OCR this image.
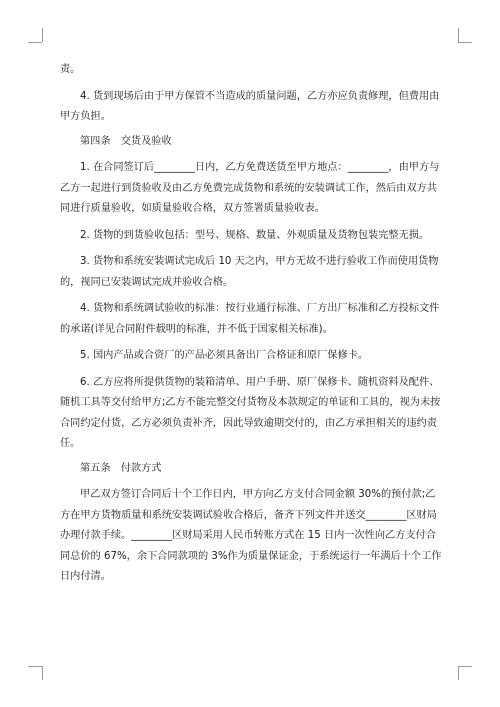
责。

4. 货到现场后由于甲方保管不当造成的质量问题，乙方亦应负责修理，但费用由
甲方负担。

第四条　交货及验收

1. 在合同签订后________日内，乙方免费送货至甲方地点：________，由甲方与
乙方一起进行到货验收及由乙方免费完成货物和系统的安装调试工作，然后由双方共
同进行质量验收，如质量验收合格，双方签署质量验收表。

2. 货物的到货验收包括：型号、规格、数量、外观质量及货物包装完整无损。

3. 货物和系统安装调试完成后 10 天之内，甲方无故不进行验收工作而使用货物
的，视同已安装调试完成并验收合格。

4. 货物和系统调试验收的标准：按行业通行标准、厂方出厂标准和乙方投标文件
的承诺(详见合同附件载明的标准，并不低于国家相关标准)。

5. 国内产品或合资厂的产品必须具备出厂合格证和原厂保修卡。

6. 乙方应将所提供货物的装箱清单、用户手册、原厂保修卡、随机资料及配件、
随机工具等交付给甲方;乙方不能完整交付货物及本款规定的单证和工具的，视为未按
合同约定付货，乙方必须负责补齐，因此导致逾期交付的，由乙方承担相关的违约责
任。

第五条　付款方式

甲乙双方签订合同后十个工作日内，甲方向乙方支付合同金额 30%的预付款;乙
方在甲方货物质量和系统安装调试验收合格后，备齐下列文件并送交________区财局
办理付款手续。________区财局采用人民币转账方式在 15 日内一次性向乙方支付合
同总价的 67%，余下合同款项的 3%作为质量保证金，于系统运行一年满后十个工作
日内付清。
